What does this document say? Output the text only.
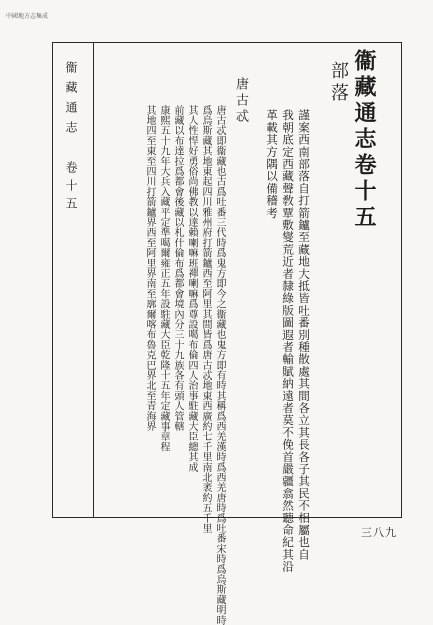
中國地方志集成
三八九
衞藏通志卷十五
部落
謹案西南部落自打箭鑪至藏地大抵皆吐番別種散處其間各立其長各子其民不相屬也自
我朝底定西藏聲敎覃敷燮荒近者隸綠版圖遐者輸賦納遠者莫不俛首嚴疆翕然聽命紀其沿
革載其方隅以備稽考
唐古忒
唐古忒即衞藏也古爲吐番三代時爲鬼方即今之衞藏也鬼方即有時其稱爲西羌漢時爲西羌唐時爲吐番宋時爲烏斯藏明時
爲烏斯藏其地東起四川雅州府打箭鑪西至阿里其間皆爲唐古忒地東西廣約七千里南北袤約五千里
其人性悍好勇俗尚佛教以達賴喇嘛班禪喇嘛爲尊設噶布倫四人治事駐藏大臣總其成
前藏以布達拉爲都會後藏以札什倫布爲都會境內分三十九族各有頭人管轄
康熙五十九年大兵入藏平定準噶爾雍正五年設駐藏大臣乾隆十五年定藏事章程
其地四至東至四川打箭鑪界西至阿里界南至廓爾喀布魯克巴界北至青海界
衞藏通志
卷十五
